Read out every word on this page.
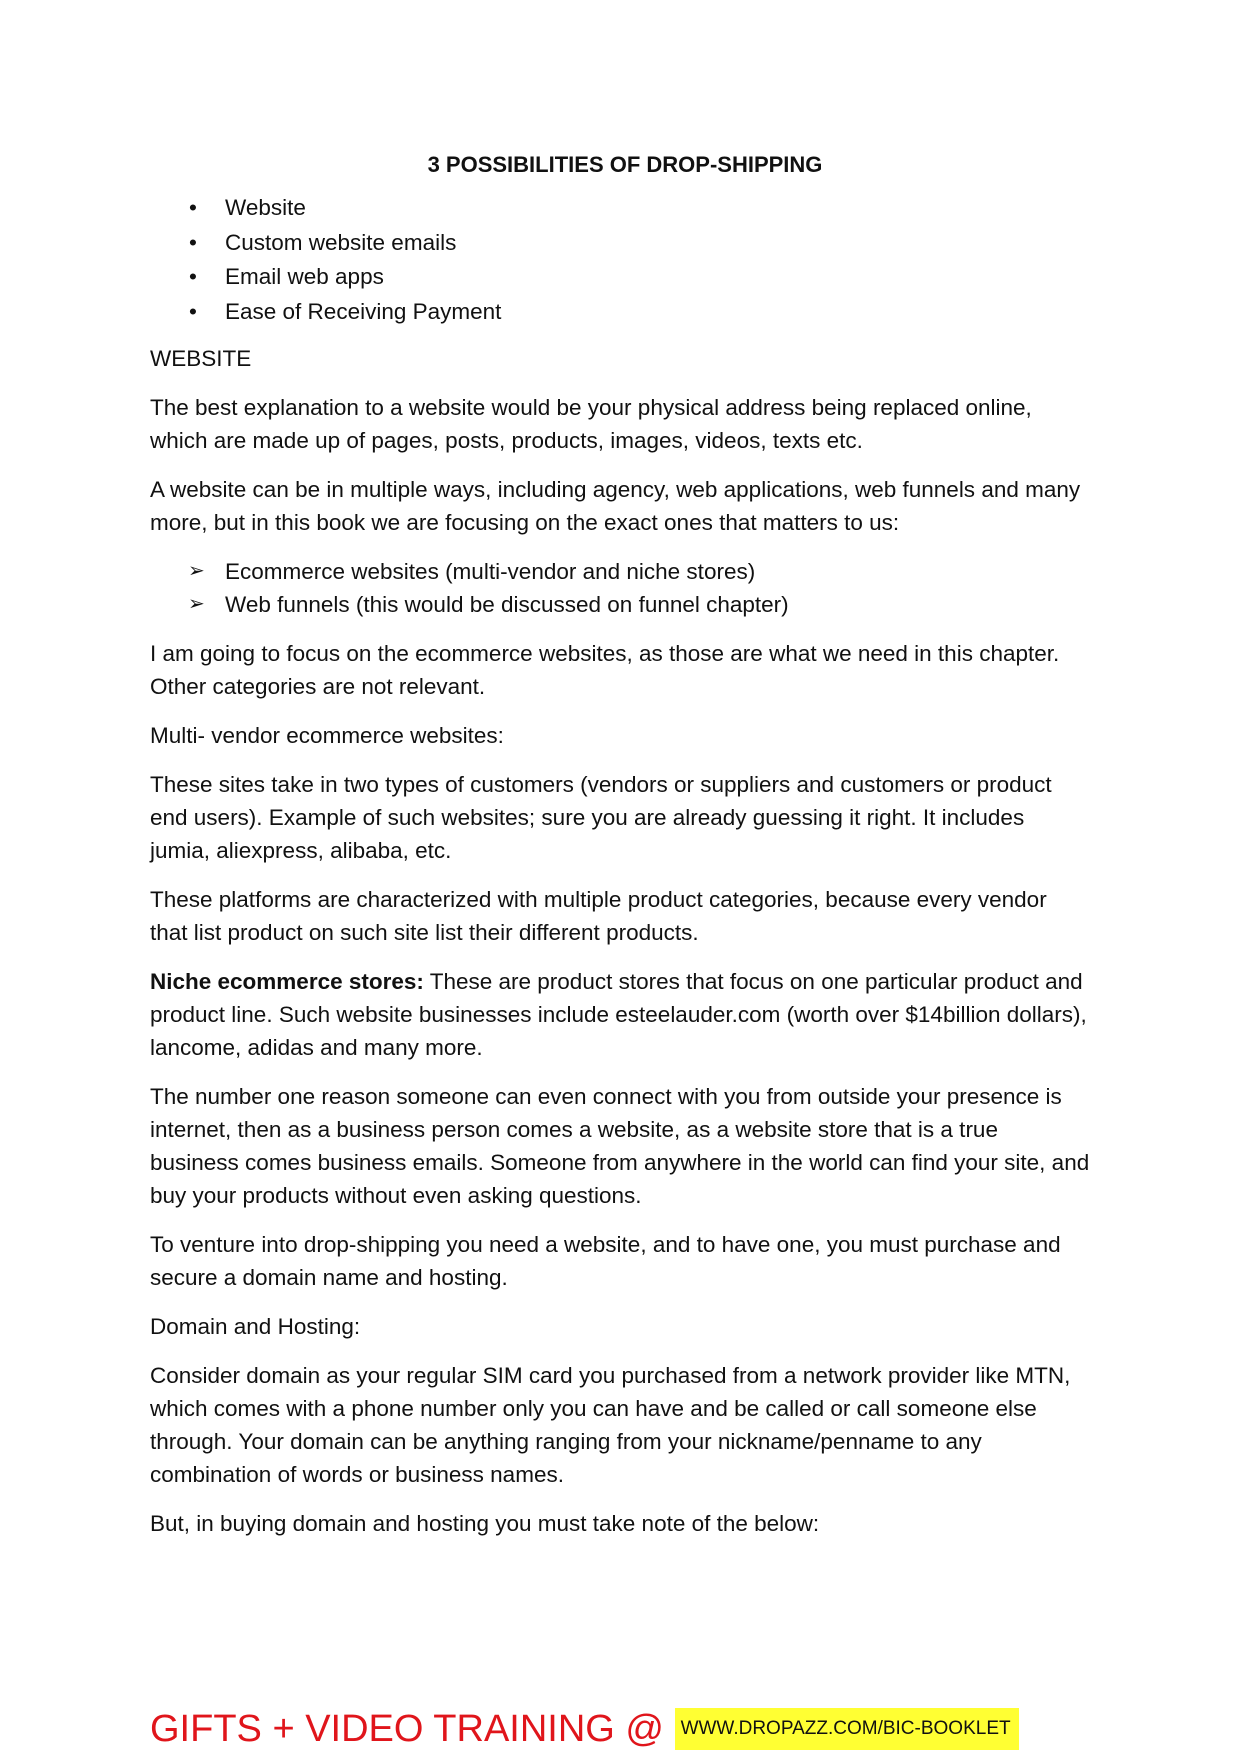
3 POSSIBILITIES OF DROP-SHIPPING
•	Website
•	Custom website emails
•	Email web apps
•	Ease of Receiving Payment

WEBSITE

The best explanation to a website would be your physical address being replaced online, which are made up of pages, posts, products, images, videos, texts etc.

A website can be in multiple ways, including agency, web applications, web funnels and many more, but in this book we are focusing on the exact ones that matters to us:

➢ Ecommerce websites (multi-vendor and niche stores)
➢ Web funnels (this would be discussed on funnel chapter)

I am going to focus on the ecommerce websites, as those are what we need in this chapter. Other categories are not relevant.

Multi- vendor ecommerce websites:

These sites take in two types of customers (vendors or suppliers and customers or product end users). Example of such websites; sure you are already guessing it right. It includes jumia, aliexpress, alibaba, etc.

These platforms are characterized with multiple product categories, because every vendor that list product on such site list their different products.

Niche ecommerce stores: These are product stores that focus on one particular product and product line. Such website businesses include esteelauder.com (worth over $14billion dollars), lancome, adidas and many more.

The number one reason someone can even connect with you from outside your presence is internet, then as a business person comes a website, as a website store that is a true business comes business emails. Someone from anywhere in the world can find your site, and buy your products without even asking questions.

To venture into drop-shipping you need a website, and to have one, you must purchase and secure a domain name and hosting.

Domain and Hosting:

Consider domain as your regular SIM card you purchased from a network provider like MTN, which comes with a phone number only you can have and be called or call someone else through. Your domain can be anything ranging from your nickname/penname to any combination of words or business names.

But, in buying domain and hosting you must take note of the below:

GIFTS + VIDEO TRAINING @ WWW.DROPAZZ.COM/BIC-BOOKLET
